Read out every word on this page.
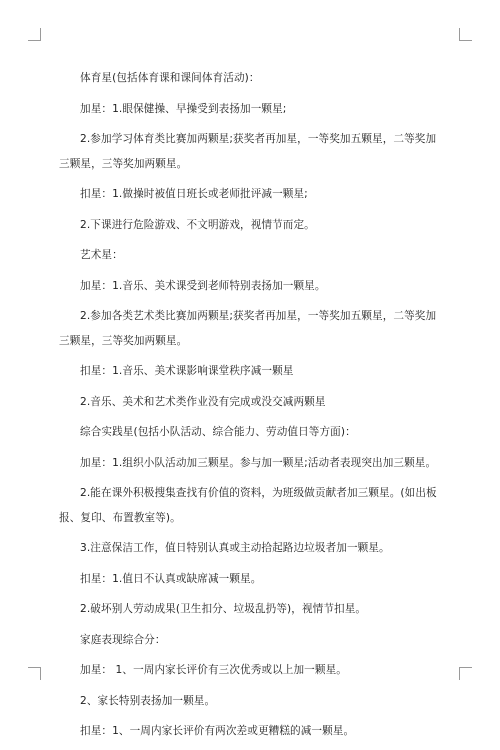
体育星(包括体育课和课间体育活动)：

加星：1.眼保健操、早操受到表扬加一颗星;

2.参加学习体育类比赛加两颗星;获奖者再加星，一等奖加五颗星，二等奖加三颗星，三等奖加两颗星。

扣星：1.做操时被值日班长或老师批评减一颗星;

2.下课进行危险游戏、不文明游戏，视情节而定。

艺术星：

加星：1.音乐、美术课受到老师特别表扬加一颗星。

2.参加各类艺术类比赛加两颗星;获奖者再加星，一等奖加五颗星，二等奖加三颗星，三等奖加两颗星。

扣星：1.音乐、美术课影响课堂秩序减一颗星

2.音乐、美术和艺术类作业没有完成或没交减两颗星

综合实践星(包括小队活动、综合能力、劳动值日等方面)：

加星：1.组织小队活动加三颗星。参与加一颗星;活动者表现突出加三颗星。

2.能在课外积极搜集查找有价值的资料，为班级做贡献者加三颗星。(如出板报、复印、布置教室等)。

3.注意保洁工作，值日特别认真或主动拾起路边垃圾者加一颗星。

扣星：1.值日不认真或缺席减一颗星。

2.破坏别人劳动成果(卫生扣分、垃圾乱扔等)，视情节扣星。

家庭表现综合分：

加星： 1、一周内家长评价有三次优秀或以上加一颗星。

2、家长特别表扬加一颗星。

扣星：1、一周内家长评价有两次差或更糟糕的减一颗星。
